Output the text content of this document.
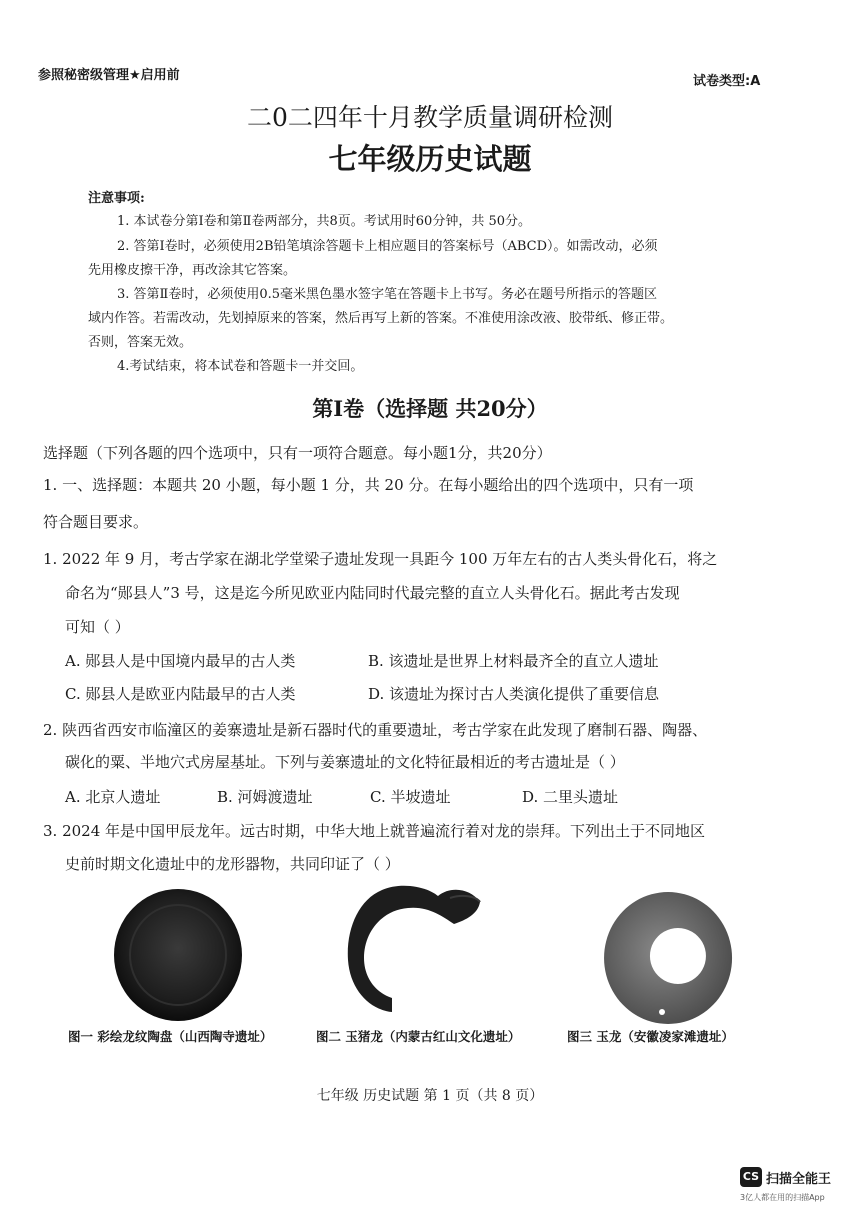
参照秘密级管理★启用前	试卷类型:A
二0二四年十月教学质量调研检测
七年级历史试题
注意事项:
1. 本试卷分第Ⅰ卷和第Ⅱ卷两部分，共8页。考试用时60分钟，共 50分。
2. 答第Ⅰ卷时，必须使用2B铅笔填涂答题卡上相应题目的答案标号（ABCD）。如需改动，必须
先用橡皮擦干净，再改涂其它答案。
3. 答第Ⅱ卷时，必须使用0.5毫米黑色墨水签字笔在答题卡上书写。务必在题号所指示的答题区
域内作答。若需改动，先划掉原来的答案，然后再写上新的答案。不准使用涂改液、胶带纸、修正带。
否则，答案无效。
4.考试结束，将本试卷和答题卡一并交回。
第Ⅰ卷（选择题 共20分）
选择题（下列各题的四个选项中，只有一项符合题意。每小题1分，共20分）
1. 一、选择题：本题共 20 小题，每小题 1 分，共 20 分。在每小题给出的四个选项中，只有一项
符合题目要求。
1. 2022 年 9 月，考古学家在湖北学堂梁子遗址发现一具距今 100 万年左右的古人类头骨化石，将之
命名为“郧县人”3 号，这是迄今所见欧亚内陆同时代最完整的直立人头骨化石。据此考古发现
可知（ ）
A. 郧县人是中国境内最早的古人类	B. 该遗址是世界上材料最齐全的直立人遗址
C. 郧县人是欧亚内陆最早的古人类	D. 该遗址为探讨古人类演化提供了重要信息
2. 陕西省西安市临潼区的姜寨遗址是新石器时代的重要遗址，考古学家在此发现了磨制石器、陶器、
碳化的粟、半地穴式房屋基址。下列与姜寨遗址的文化特征最相近的考古遗址是（ ）
A. 北京人遗址	B. 河姆渡遗址	C. 半坡遗址	D. 二里头遗址
3. 2024 年是中国甲辰龙年。远古时期，中华大地上就普遍流行着对龙的崇拜。下列出土于不同地区
史前时期文化遗址中的龙形器物，共同印证了（ ）
图一 彩绘龙纹陶盘（山西陶寺遗址）	图二 玉猪龙（内蒙古红山文化遗址）	图三 玉龙（安徽凌家滩遗址）
七年级 历史试题 第 1 页（共 8 页）
CS 扫描全能王
3亿人都在用的扫描App
